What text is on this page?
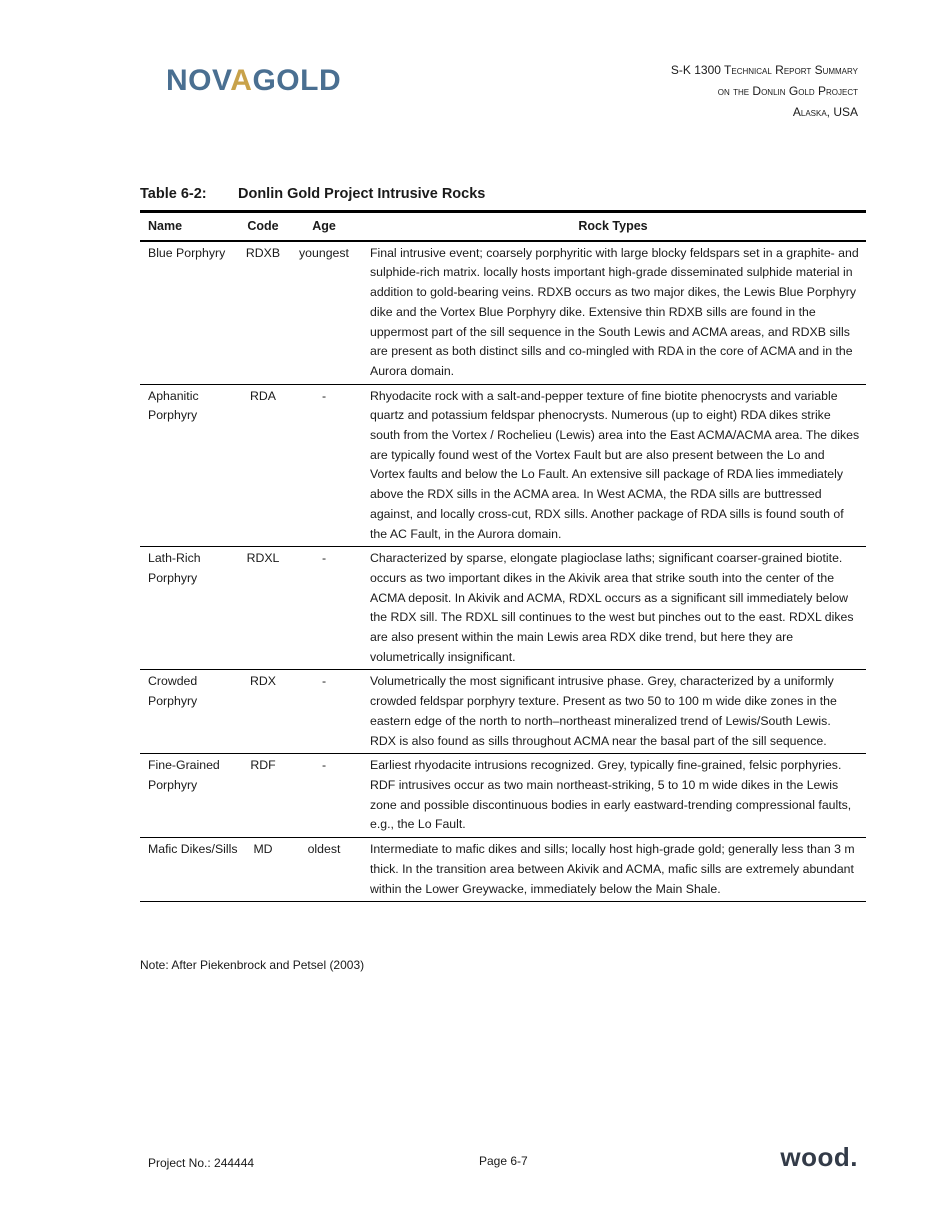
NOVAGOLD	S-K 1300 Technical Report Summary
on the Donlin Gold Project
Alaska, USA
Table 6-2: Donlin Gold Project Intrusive Rocks
Name	Code	Age	Rock Types
Blue Porphyry	RDXB	youngest	Final intrusive event; coarsely porphyritic with large blocky feldspars set in a graphite- and sulphide-rich matrix. locally hosts important high-grade disseminated sulphide material in addition to gold-bearing veins. RDXB occurs as two major dikes, the Lewis Blue Porphyry dike and the Vortex Blue Porphyry dike. Extensive thin RDXB sills are found in the uppermost part of the sill sequence in the South Lewis and ACMA areas, and RDXB sills are present as both distinct sills and co-mingled with RDA in the core of ACMA and in the Aurora domain.
Aphanitic Porphyry	RDA	-	Rhyodacite rock with a salt-and-pepper texture of fine biotite phenocrysts and variable quartz and potassium feldspar phenocrysts. Numerous (up to eight) RDA dikes strike south from the Vortex / Rochelieu (Lewis) area into the East ACMA/ACMA area. The dikes are typically found west of the Vortex Fault but are also present between the Lo and Vortex faults and below the Lo Fault. An extensive sill package of RDA lies immediately above the RDX sills in the ACMA area. In West ACMA, the RDA sills are buttressed against, and locally cross-cut, RDX sills. Another package of RDA sills is found south of the AC Fault, in the Aurora domain.
Lath-Rich Porphyry	RDXL	-	Characterized by sparse, elongate plagioclase laths; significant coarser-grained biotite. occurs as two important dikes in the Akivik area that strike south into the center of the ACMA deposit. In Akivik and ACMA, RDXL occurs as a significant sill immediately below the RDX sill. The RDXL sill continues to the west but pinches out to the east. RDXL dikes are also present within the main Lewis area RDX dike trend, but here they are volumetrically insignificant.
Crowded Porphyry	RDX	-	Volumetrically the most significant intrusive phase. Grey, characterized by a uniformly crowded feldspar porphyry texture. Present as two 50 to 100 m wide dike zones in the eastern edge of the north to north–northeast mineralized trend of Lewis/South Lewis. RDX is also found as sills throughout ACMA near the basal part of the sill sequence.
Fine-Grained Porphyry	RDF	-	Earliest rhyodacite intrusions recognized. Grey, typically fine-grained, felsic porphyries. RDF intrusives occur as two main northeast-striking, 5 to 10 m wide dikes in the Lewis zone and possible discontinuous bodies in early eastward-trending compressional faults, e.g., the Lo Fault.
Mafic Dikes/Sills	MD	oldest	Intermediate to mafic dikes and sills; locally host high-grade gold; generally less than 3 m thick. In the transition area between Akivik and ACMA, mafic sills are extremely abundant within the Lower Greywacke, immediately below the Main Shale.
Note: After Piekenbrock and Petsel (2003)
Project No.: 244444	Page 6-7	wood.
